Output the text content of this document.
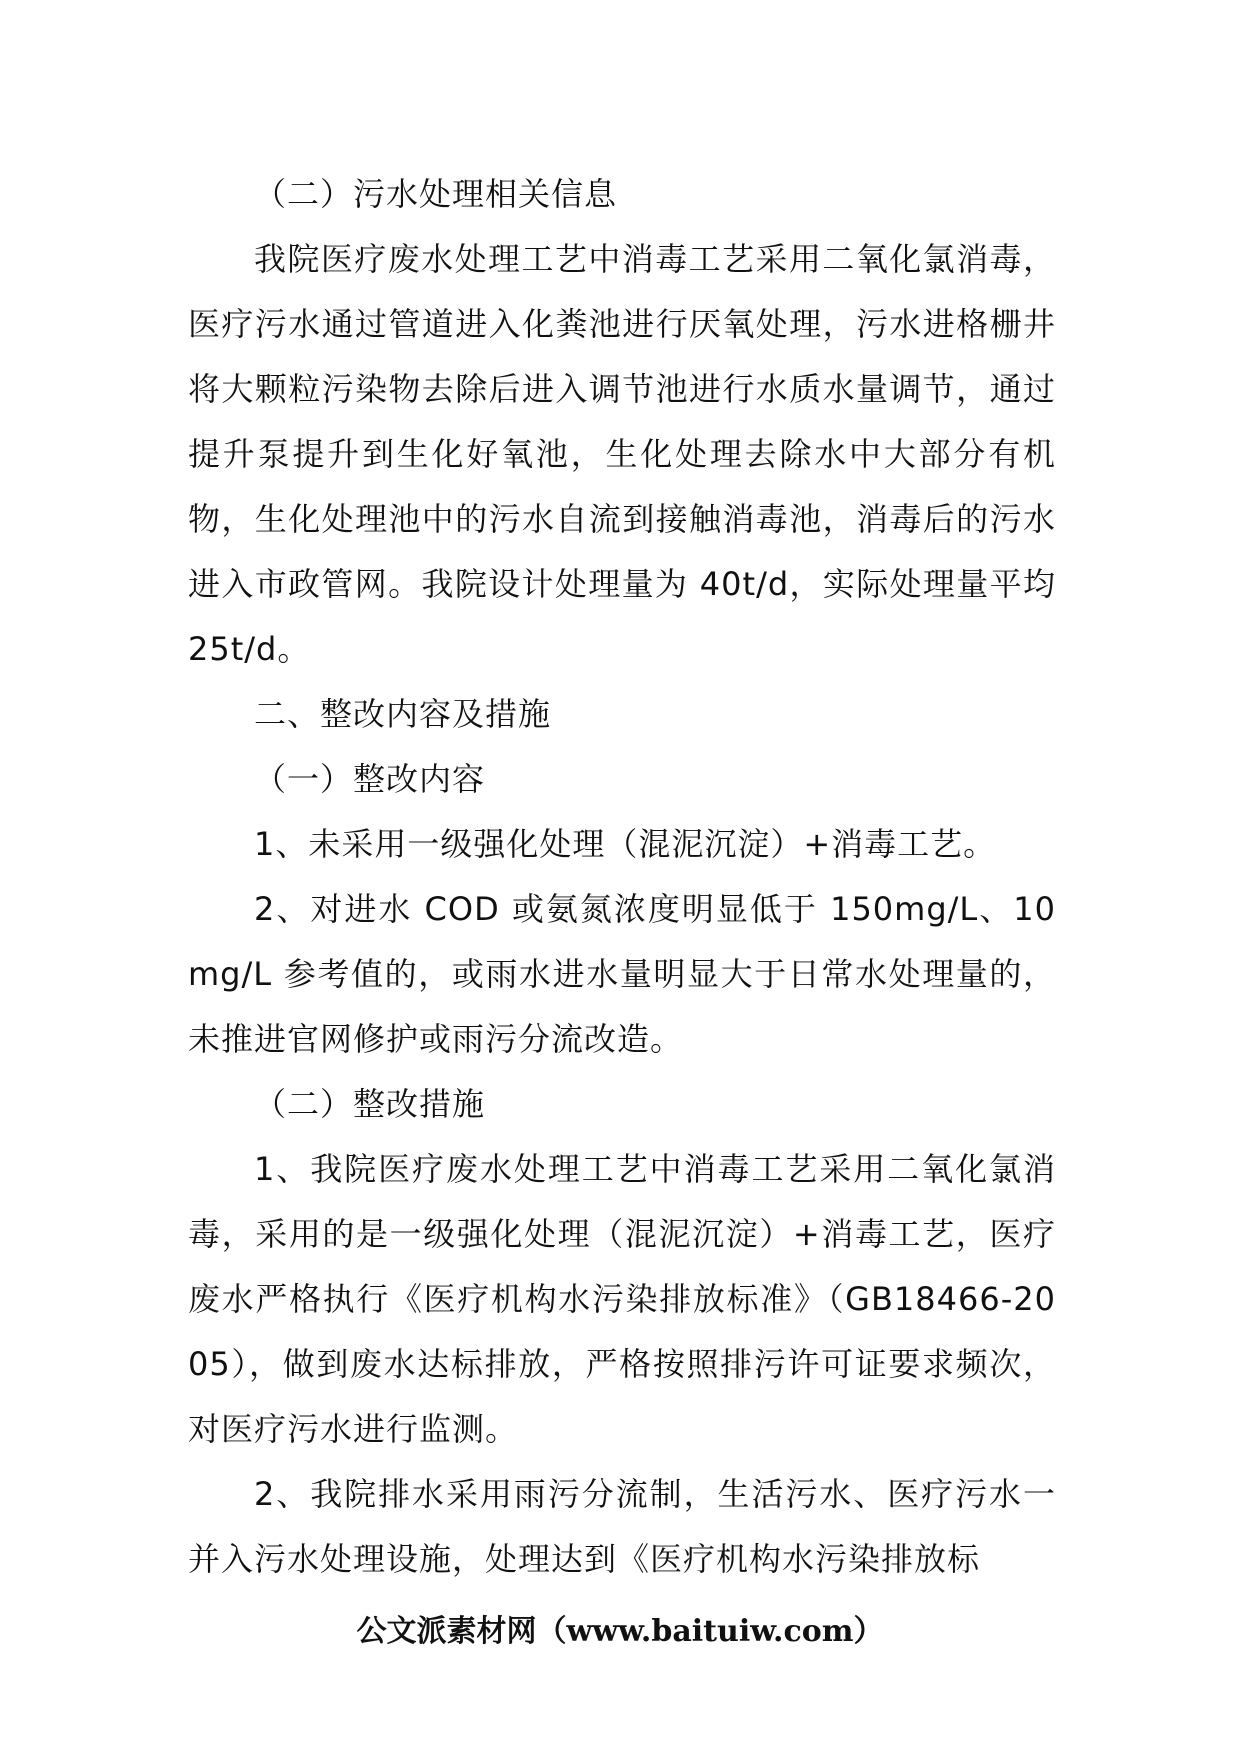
（二）污水处理相关信息

我院医疗废水处理工艺中消毒工艺采用二氧化氯消毒，医疗污水通过管道进入化粪池进行厌氧处理，污水进格栅井将大颗粒污染物去除后进入调节池进行水质水量调节，通过提升泵提升到生化好氧池，生化处理去除水中大部分有机物，生化处理池中的污水自流到接触消毒池，消毒后的污水进入市政管网。我院设计处理量为 40t/d，实际处理量平均 25t/d。

二、整改内容及措施

（一）整改内容

1、未采用一级强化处理（混泥沉淀）+消毒工艺。

2、对进水 COD 或氨氮浓度明显低于 150mg/L、10mg/L 参考值的，或雨水进水量明显大于日常水处理量的，未推进官网修护或雨污分流改造。

（二）整改措施

1、我院医疗废水处理工艺中消毒工艺采用二氧化氯消毒，采用的是一级强化处理（混泥沉淀）+消毒工艺，医疗废水严格执行《医疗机构水污染排放标准》（GB18466-2005），做到废水达标排放，严格按照排污许可证要求频次，对医疗污水进行监测。

2、我院排水采用雨污分流制，生活污水、医疗污水一并入污水处理设施，处理达到《医疗机构水污染排放标

公文派素材网（www.baituiw.com）
